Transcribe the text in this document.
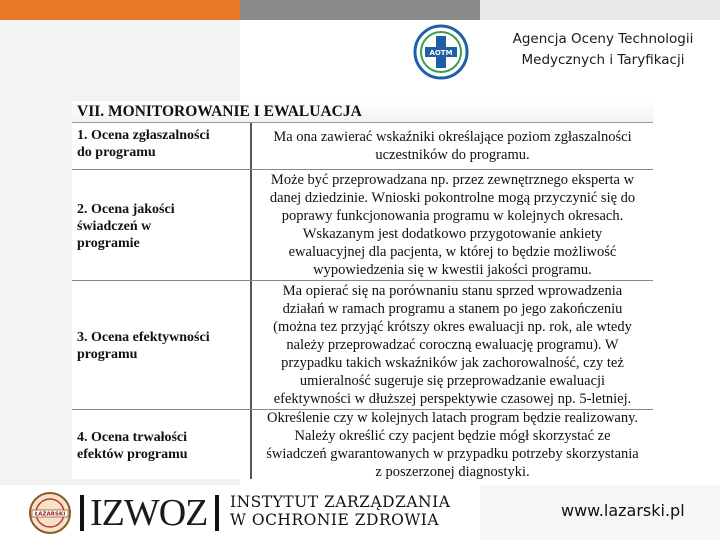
AOTM
Agencja Oceny Technologii
Medycznych i Taryfikacji
VII. MONITOROWANIE I EWALUACJA
1. Ocena zgłaszalności
do programu
Ma ona zawierać wskaźniki określające poziom zgłaszalności
uczestników do programu.
2. Ocena jakości
świadczeń w
programie
Może być przeprowadzana np. przez zewnętrznego eksperta w
danej dziedzinie. Wnioski pokontrolne mogą przyczynić się do
poprawy funkcjonowania programu w kolejnych okresach.
Wskazanym jest dodatkowo przygotowanie ankiety
ewaluacyjnej dla pacjenta, w której to będzie możliwość
wypowiedzenia się w kwestii jakości programu.
3. Ocena efektywności
programu
Ma opierać się na porównaniu stanu sprzed wprowadzenia
działań w ramach programu a stanem po jego zakończeniu
(można tez przyjąć krótszy okres ewaluacji np. rok, ale wtedy
należy przeprowadzać coroczną ewaluację programu). W
przypadku takich wskaźników jak zachorowalność, czy też
umieralność sugeruje się przeprowadzanie ewaluacji
efektywności w dłuższej perspektywie czasowej np. 5-letniej.
4. Ocena trwałości
efektów programu
Określenie czy w kolejnych latach program będzie realizowany.
Należy określić czy pacjent będzie mógł skorzystać ze
świadczeń gwarantowanych w przypadku potrzeby skorzystania
z poszerzonej diagnostyki.
ŁAZARSKI IZWOZ INSTYTUT ZARZĄDZANIA
W OCHRONIE ZDROWIA	www.lazarski.pl
